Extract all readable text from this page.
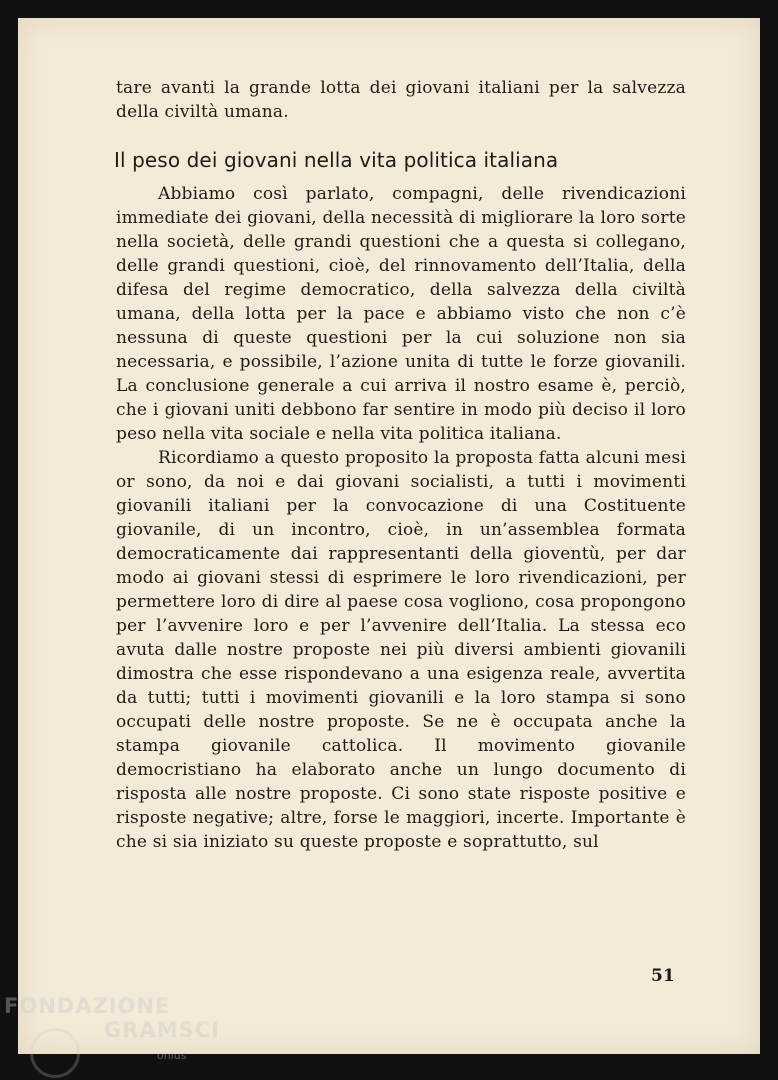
tare avanti la grande lotta dei giovani italiani per la salvezza della civiltà umana.

Il peso dei giovani nella vita politica italiana

Abbiamo così parlato, compagni, delle rivendicazioni immediate dei giovani, della necessità di migliorare la loro sorte nella società, delle grandi questioni che a questa si collegano, delle grandi questioni, cioè, del rinnovamento dell’Italia, della difesa del regime democratico, della salvezza della civiltà umana, della lotta per la pace e abbiamo visto che non c’è nessuna di queste questioni per la cui soluzione non sia necessaria, e possibile, l’azione unita di tutte le forze giovanili. La conclusione generale a cui arriva il nostro esame è, perciò, che i giovani uniti debbono far sentire in modo più deciso il loro peso nella vita sociale e nella vita politica italiana.

Ricordiamo a questo proposito la proposta fatta alcuni mesi or sono, da noi e dai giovani socialisti, a tutti i movimenti giovanili italiani per la convocazione di una Costituente giovanile, di un incontro, cioè, in un’assemblea formata democraticamente dai rappresentanti della gioventù, per dar modo ai giovani stessi di esprimere le loro rivendicazioni, per permettere loro di dire al paese cosa vogliono, cosa propongono per l’avvenire loro e per l’avvenire dell’Italia. La stessa eco avuta dalle nostre proposte nei più diversi ambienti giovanili dimostra che esse rispondevano a una esigenza reale, avvertita da tutti; tutti i movimenti giovanili e la loro stampa si sono occupati delle nostre proposte. Se ne è occupata anche la stampa giovanile cattolica. Il movimento giovanile democristiano ha elaborato anche un lungo documento di risposta alle nostre proposte. Ci sono state risposte positive e risposte negative; altre, forse le maggiori, incerte. Importante è che si sia iniziato su queste proposte e soprattutto, sul

51
FONDAZIONE
GRAMSCI
onlus
